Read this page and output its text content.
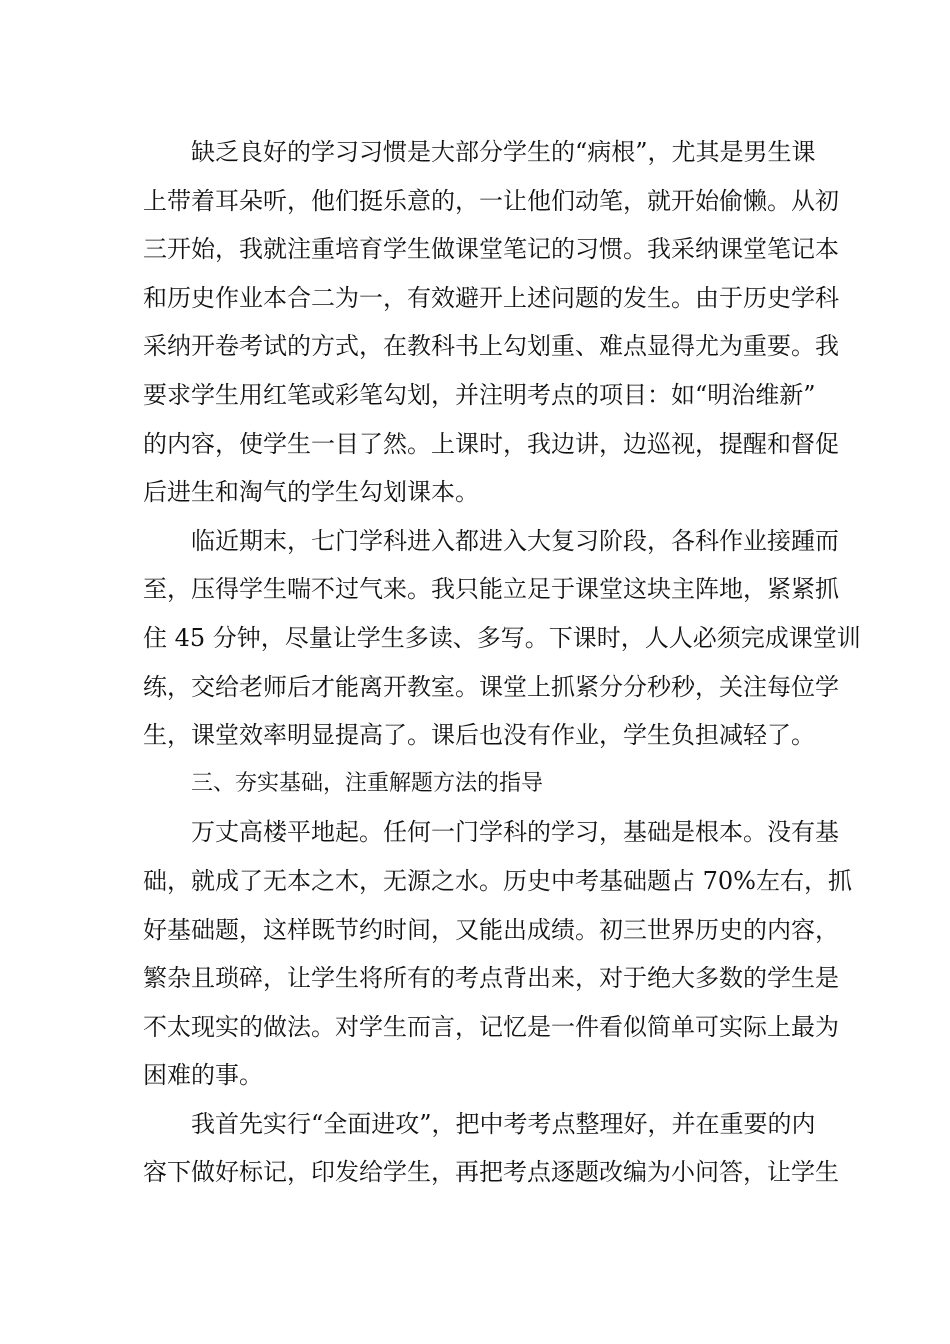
缺乏良好的学习习惯是大部分学生的“病根”，尤其是男生课
上带着耳朵听，他们挺乐意的，一让他们动笔，就开始偷懒。从初
三开始，我就注重培育学生做课堂笔记的习惯。我采纳课堂笔记本
和历史作业本合二为一，有效避开上述问题的发生。由于历史学科
采纳开卷考试的方式，在教科书上勾划重、难点显得尤为重要。我
要求学生用红笔或彩笔勾划，并注明考点的项目：如“明治维新”
的内容，使学生一目了然。上课时，我边讲，边巡视，提醒和督促
后进生和淘气的学生勾划课本。
临近期末，七门学科进入都进入大复习阶段，各科作业接踵而
至，压得学生喘不过气来。我只能立足于课堂这块主阵地，紧紧抓
住 45 分钟，尽量让学生多读、多写。下课时，人人必须完成课堂训
练，交给老师后才能离开教室。课堂上抓紧分分秒秒，关注每位学
生，课堂效率明显提高了。课后也没有作业，学生负担减轻了。
三、夯实基础，注重解题方法的指导
万丈高楼平地起。任何一门学科的学习，基础是根本。没有基
础，就成了无本之木，无源之水。历史中考基础题占 70%左右，抓
好基础题，这样既节约时间，又能出成绩。初三世界历史的内容，
繁杂且琐碎，让学生将所有的考点背出来，对于绝大多数的学生是
不太现实的做法。对学生而言，记忆是一件看似简单可实际上最为
困难的事。
我首先实行“全面进攻”，把中考考点整理好，并在重要的内
容下做好标记，印发给学生，再把考点逐题改编为小问答，让学生
